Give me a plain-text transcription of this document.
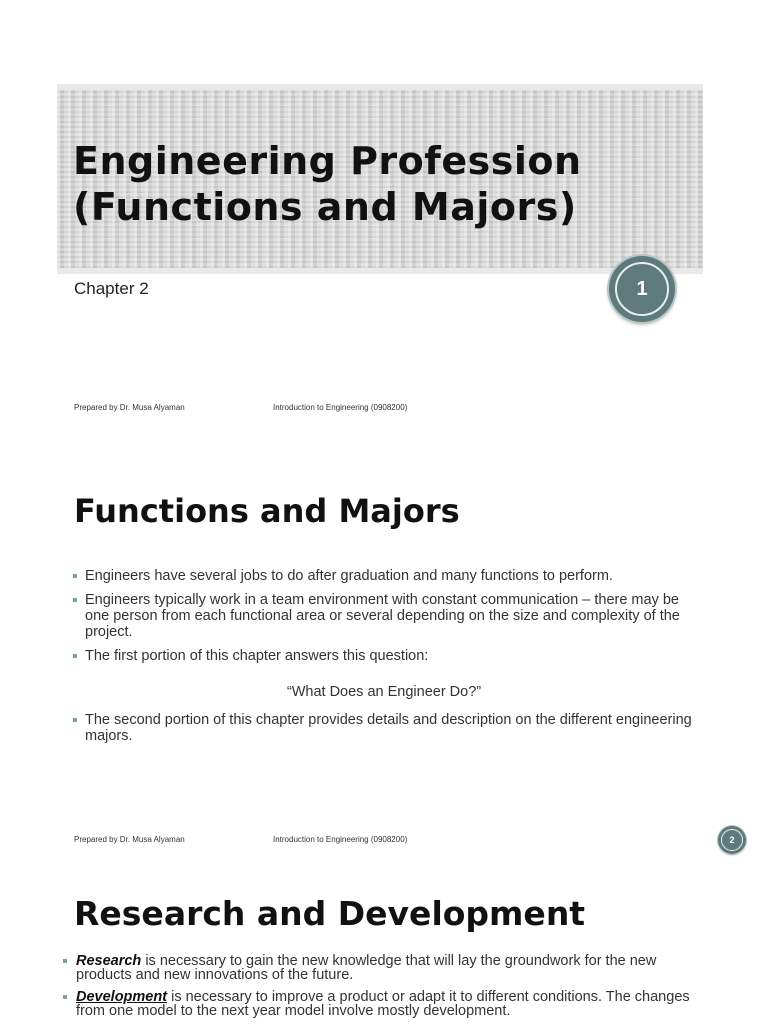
Engineering Profession (Functions and Majors)
Chapter 2	1
Prepared by Dr. Musa Alyaman	Introduction to Engineering (0908200)
Functions and Majors
Engineers have several jobs to do after graduation and many functions to perform.
Engineers typically work in a team environment with constant communication – there may be one person from each functional area or several depending on the size and complexity of the project.
The first portion of this chapter answers this question:
“What Does an Engineer Do?”
The second portion of this chapter provides details and description on the different engineering majors.
Prepared by Dr. Musa Alyaman	Introduction to Engineering (0908200)	2
Research and Development
Research is necessary to gain the new knowledge that will lay the groundwork for the new products and new innovations of the future.
Development is necessary to improve a product or adapt it to different conditions. The changes from one model to the next year model involve mostly development.
